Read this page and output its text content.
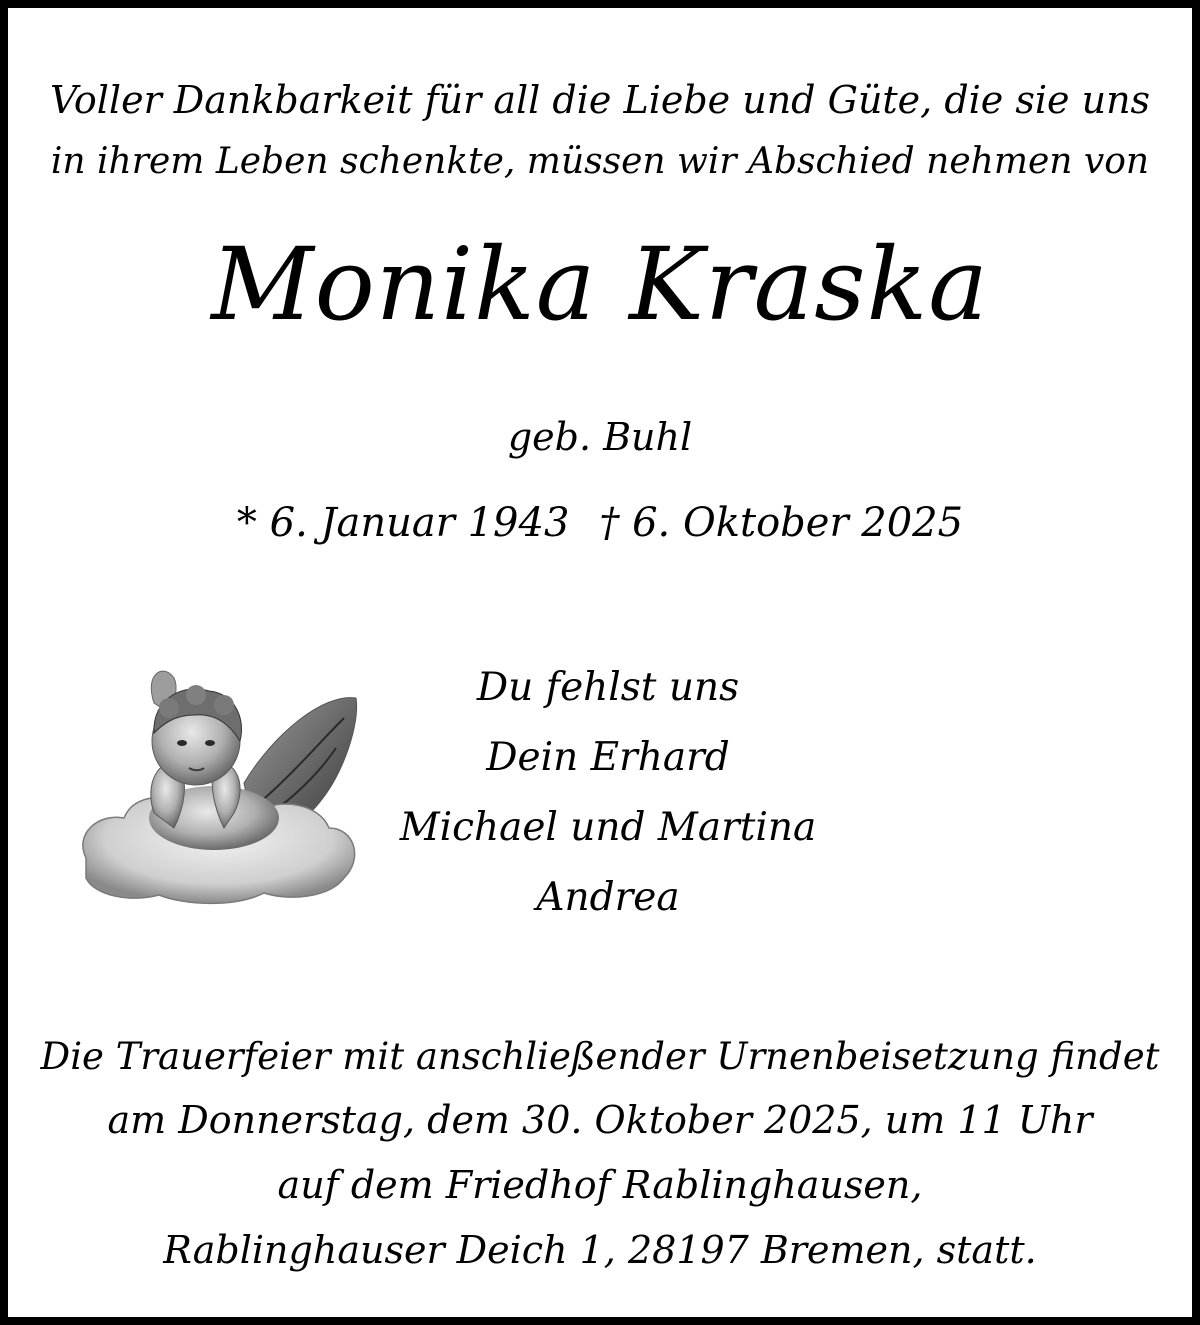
Voller Dankbarkeit für all die Liebe und Güte, die sie uns
in ihrem Leben schenkte, müssen wir Abschied nehmen von
Monika Kraska
geb. Buhl
* 6. Januar 1943 † 6. Oktober 2025
Du fehlst uns
Dein Erhard
Michael und Martina
Andrea
Die Trauerfeier mit anschließender Urnenbeisetzung findet
am Donnerstag, dem 30. Oktober 2025, um 11 Uhr
auf dem Friedhof Rablinghausen,
Rablinghauser Deich 1, 28197 Bremen, statt.
